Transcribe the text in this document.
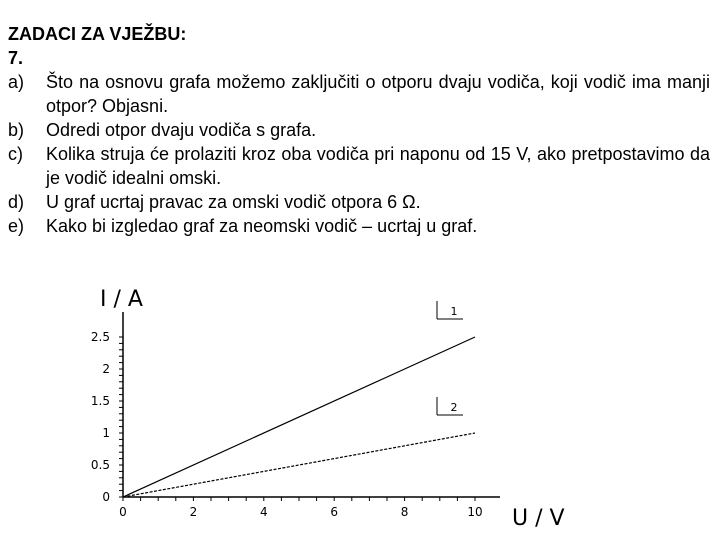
ZADACI ZA VJEŽBU:
7.
a)	Što na osnovu grafa možemo zaključiti o otporu dvaju vodiča, koji vodič ima manji otpor? Objasni.
b)	Odredi otpor dvaju vodiča s grafa.
c)	Kolika struja će prolaziti kroz oba vodiča pri naponu od 15 V, ako pretpostavimo da je vodič idealni omski.
d)	U graf ucrtaj pravac za omski vodič otpora 6 Ω.
e)	Kako bi izgledao graf za neomski vodič – ucrtaj u graf.
I / A
U / V
0
0.5
1
1.5
2
2.5
0	2	4	6	8	10
1
2
